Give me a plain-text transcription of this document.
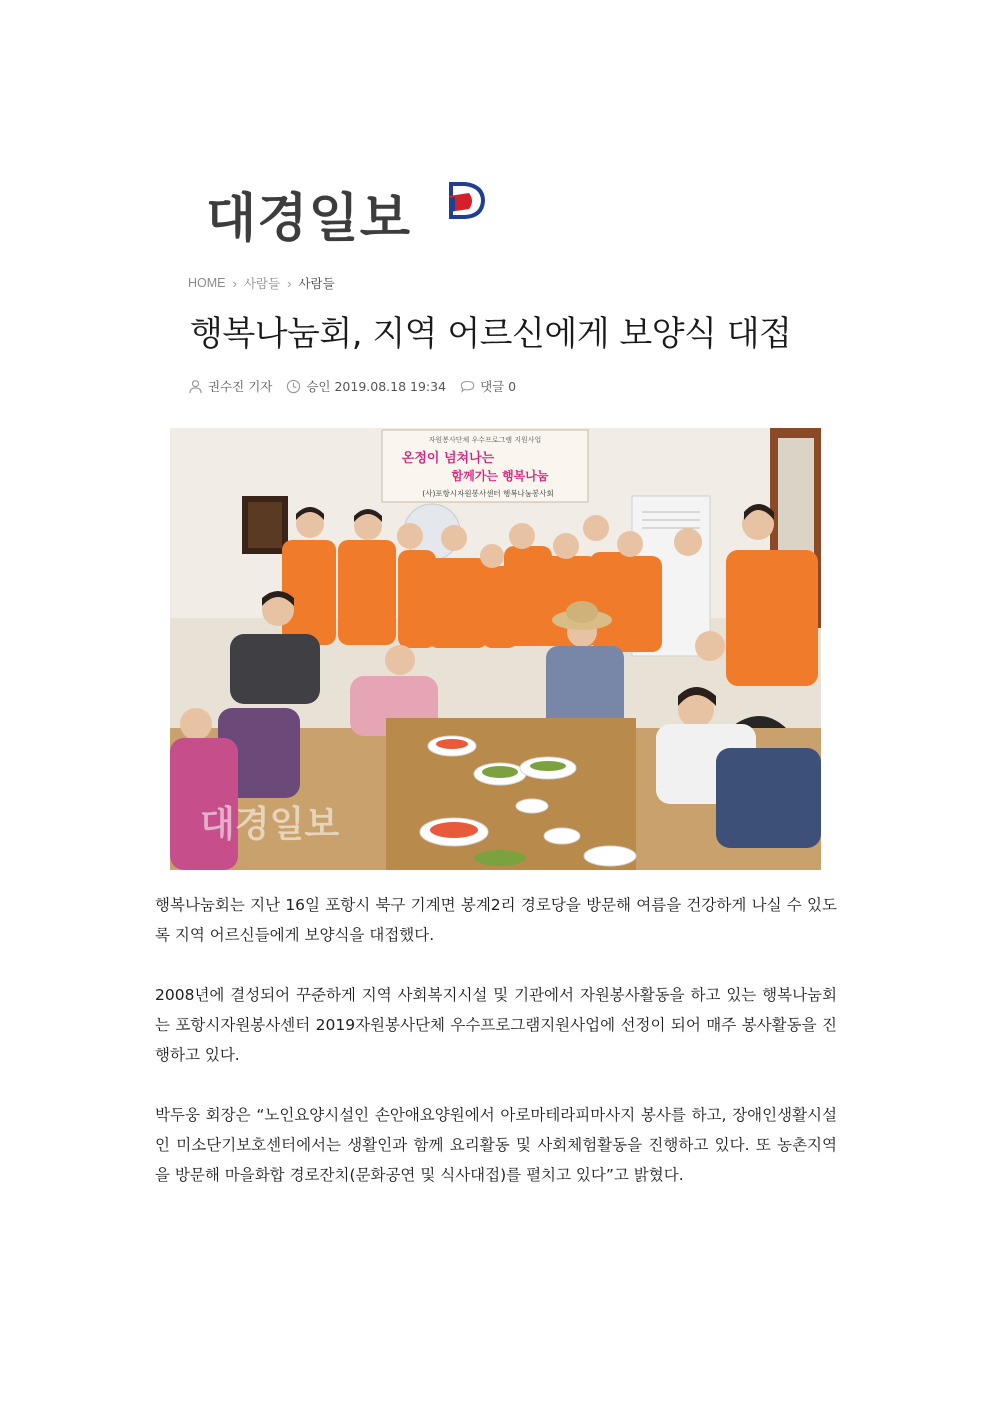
대경일보
HOME › 사람들 › 사람들
행복나눔회, 지역 어르신에게 보양식 대접
권수진 기자	승인 2019.08.18 19:34	댓글 0
자원봉사단체 우수프로그램 지원사업
온정이 넘쳐나는
함께가는 행복나눔
(사)포항시자원봉사센터 행복나눔봉사회
대경일보

행복나눔회는 지난 16일 포항시 북구 기계면 봉계2리 경로당을 방문해 여름을 건강하게 나실 수 있도록 지역 어르신들에게 보양식을 대접했다.

2008년에 결성되어 꾸준하게 지역 사회복지시설 및 기관에서 자원봉사활동을 하고 있는 행복나눔회는 포항시자원봉사센터 2019자원봉사단체 우수프로그램지원사업에 선정이 되어 매주 봉사활동을 진행하고 있다.

박두웅 회장은 “노인요양시설인 손안애요양원에서 아로마테라피마사지 봉사를 하고, 장애인생활시설인 미소단기보호센터에서는 생활인과 함께 요리활동 및 사회체험활동을 진행하고 있다. 또 농촌지역을 방문해 마을화합 경로잔치(문화공연 및 식사대접)를 펼치고 있다”고 밝혔다.
